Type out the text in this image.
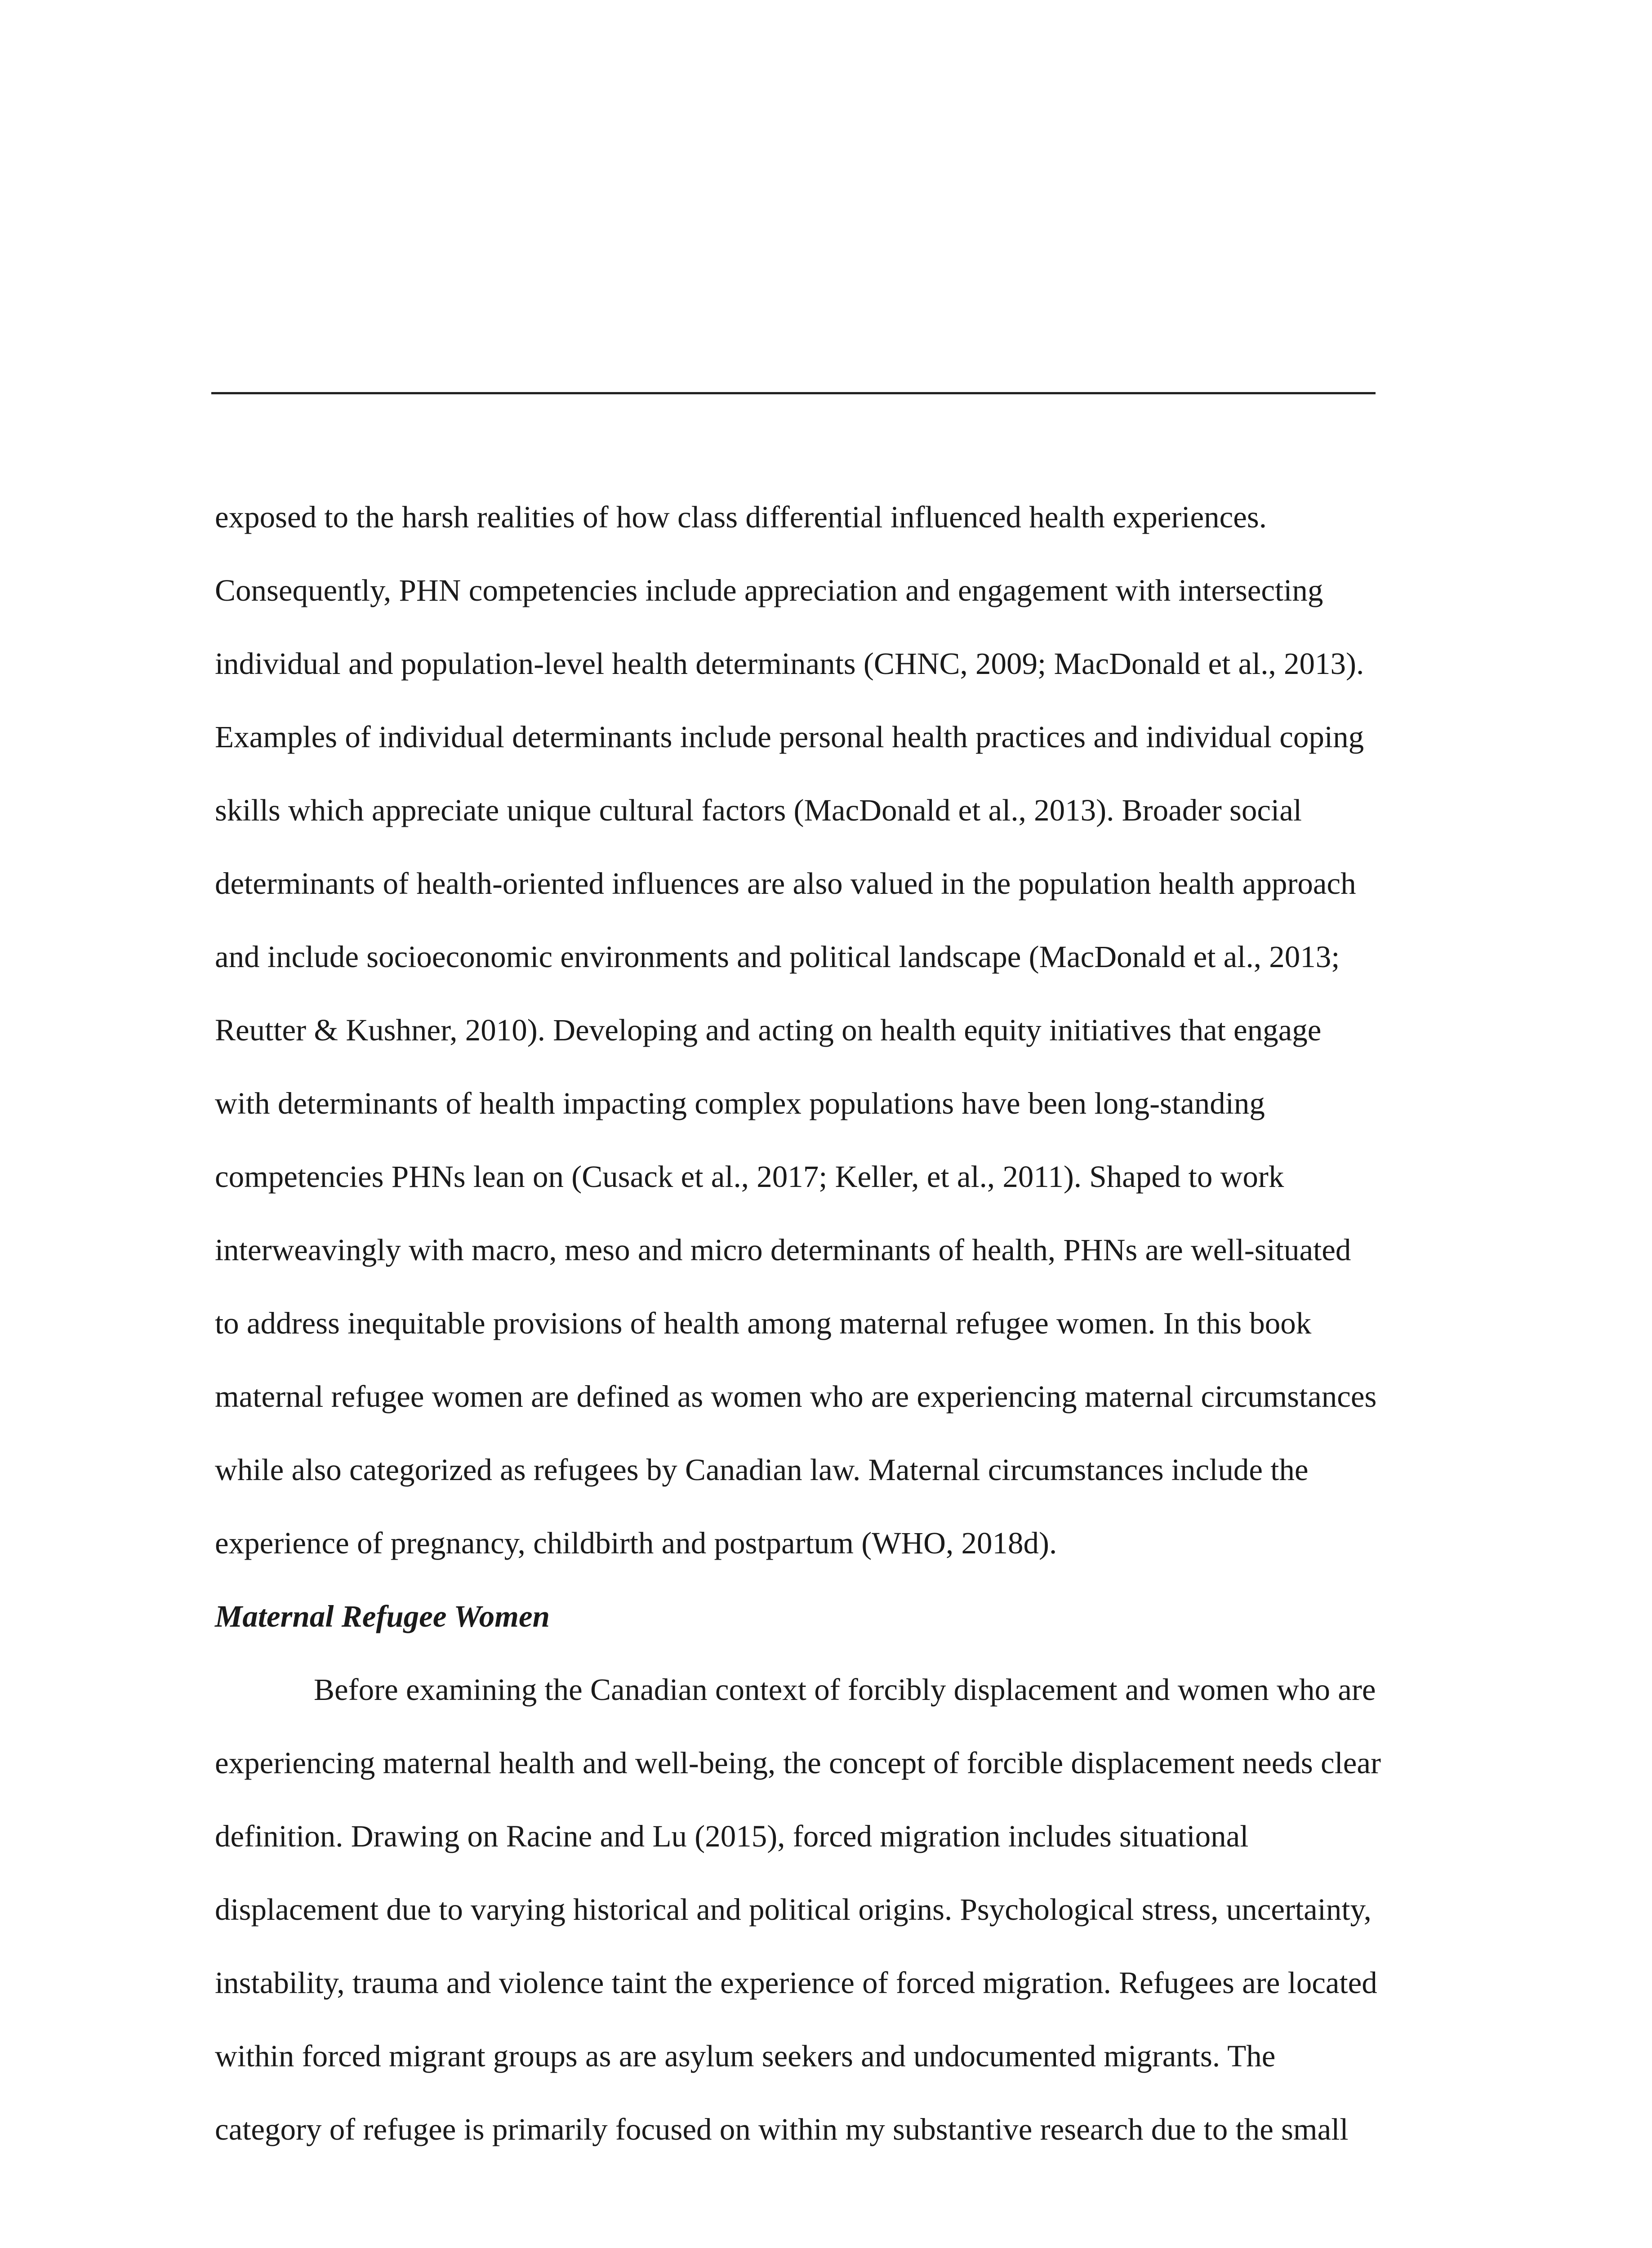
exposed to the harsh realities of how class differential influenced health experiences.

Consequently, PHN competencies include appreciation and engagement with intersecting

individual and population-level health determinants (CHNC, 2009; MacDonald et al., 2013).

Examples of individual determinants include personal health practices and individual coping

skills which appreciate unique cultural factors (MacDonald et al., 2013). Broader social

determinants of health-oriented influences are also valued in the population health approach

and include socioeconomic environments and political landscape (MacDonald et al., 2013;

Reutter & Kushner, 2010). Developing and acting on health equity initiatives that engage

with determinants of health impacting complex populations have been long-standing

competencies PHNs lean on (Cusack et al., 2017; Keller, et al., 2011). Shaped to work

interweavingly with macro, meso and micro determinants of health, PHNs are well-situated

to address inequitable provisions of health among maternal refugee women. In this book

maternal refugee women are defined as women who are experiencing maternal circumstances

while also categorized as refugees by Canadian law. Maternal circumstances include the

experience of pregnancy, childbirth and postpartum (WHO, 2018d).

Maternal Refugee Women

Before examining the Canadian context of forcibly displacement and women who are

experiencing maternal health and well-being, the concept of forcible displacement needs clear

definition. Drawing on Racine and Lu (2015), forced migration includes situational

displacement due to varying historical and political origins. Psychological stress, uncertainty,

instability, trauma and violence taint the experience of forced migration. Refugees are located

within forced migrant groups as are asylum seekers and undocumented migrants. The

category of refugee is primarily focused on within my substantive research due to the small
